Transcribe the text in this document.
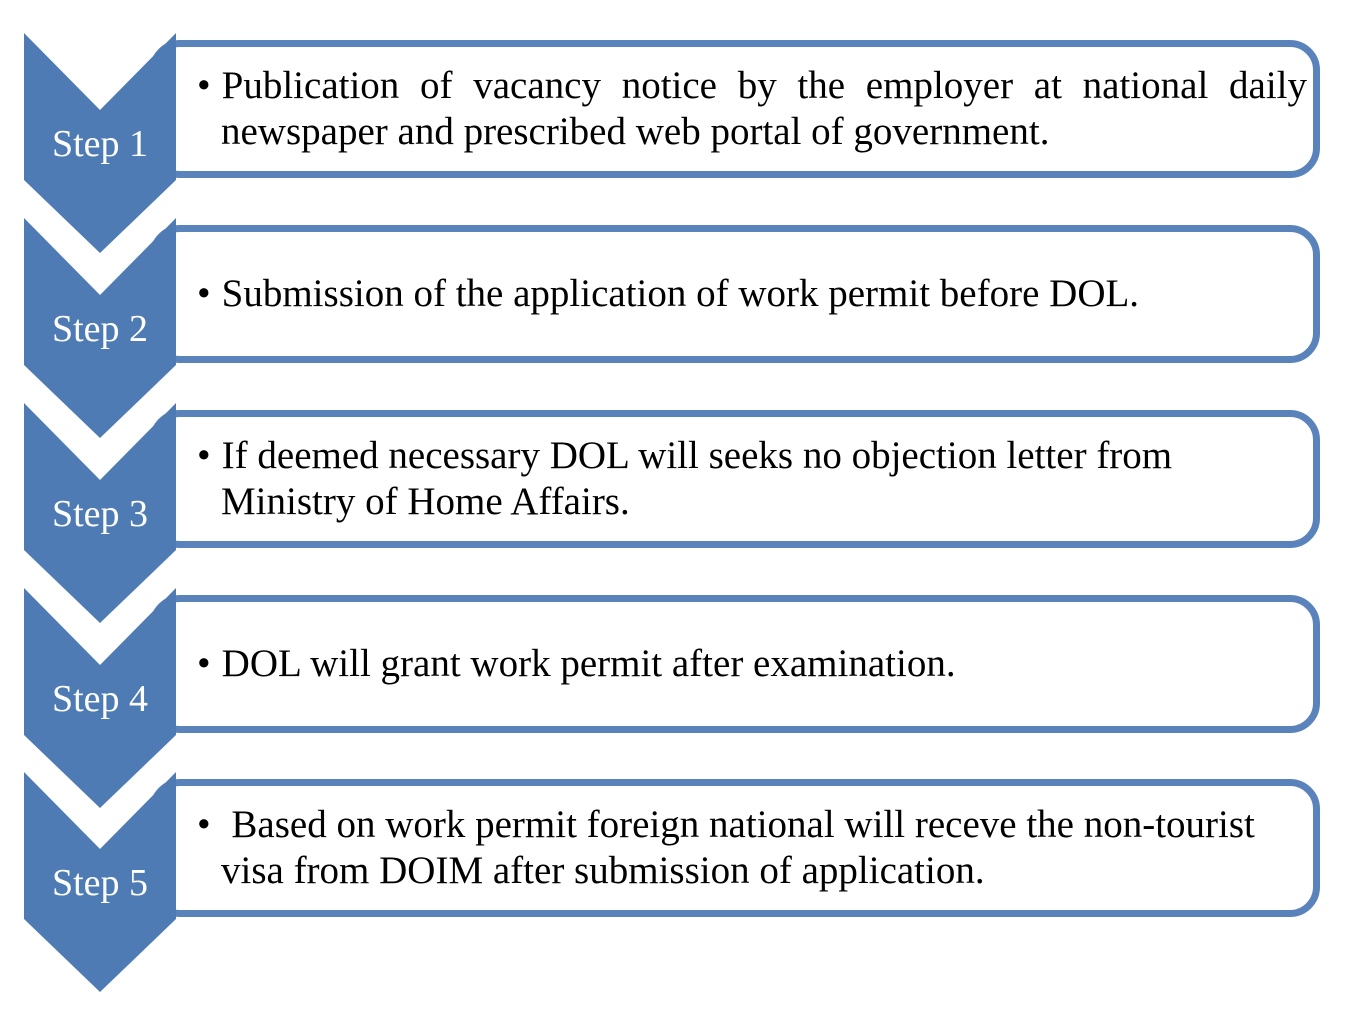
• Publication of vacancy notice by the employer at national daily newspaper and prescribed web portal of government.
Step 1
• Submission of the application of work permit before DOL.
Step 2
• If deemed necessary DOL will seeks no objection letter from Ministry of Home Affairs.
Step 3
• DOL will grant work permit after examination.
Step 4
• Based on work permit foreign national will receve the non-tourist visa from DOIM after submission of application.
Step 5
